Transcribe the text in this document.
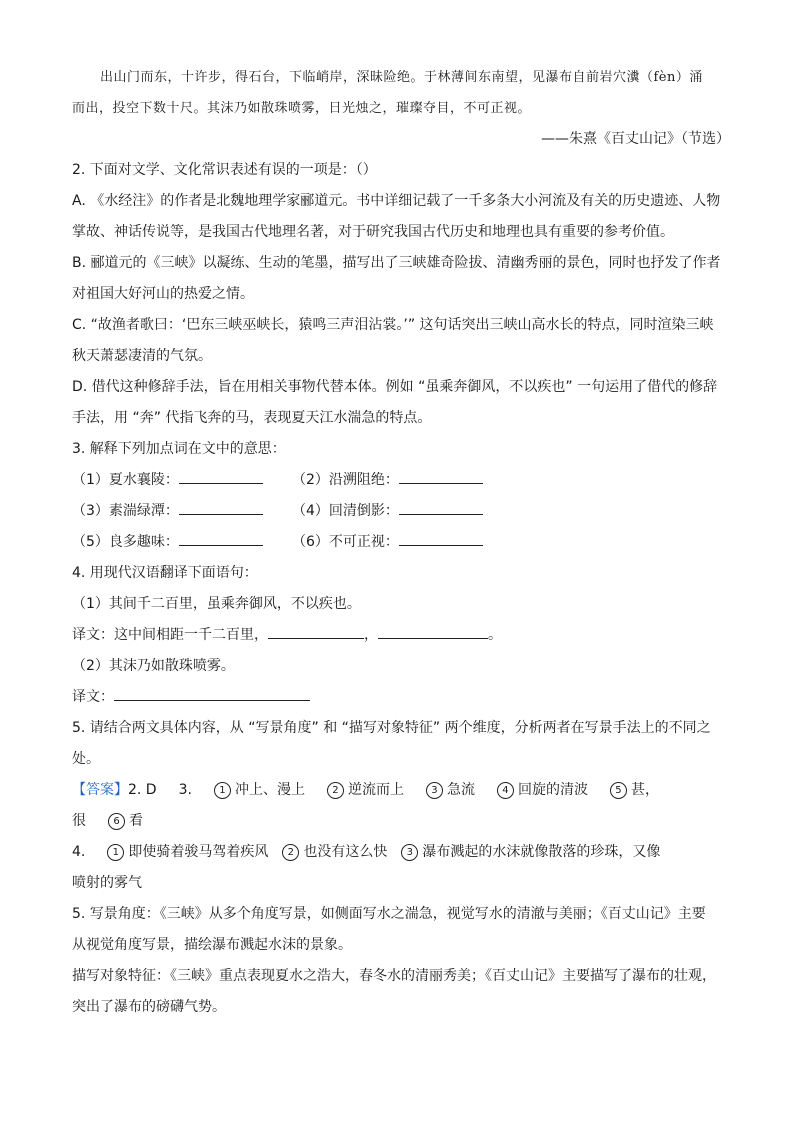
出山门而东，十许步，得石台，下临峭岸，深昧险绝。于林薄间东南望，见瀑布自前岩穴瀵（fèn）涌
而出，投空下数十尺。其沫乃如散珠喷雾，日光烛之，璀璨夺目，不可正视。
——朱熹《百丈山记》（节选）
2. 下面对文学、文化常识表述有误的一项是：（）
A. 《水经注》的作者是北魏地理学家郦道元。书中详细记载了一千多条大小河流及有关的历史遗迹、人物
掌故、神话传说等，是我国古代地理名著，对于研究我国古代历史和地理也具有重要的参考价值。
B. 郦道元的《三峡》以凝练、生动的笔墨，描写出了三峡雄奇险拔、清幽秀丽的景色，同时也抒发了作者
对祖国大好河山的热爱之情。
C. “故渔者歌曰：‘巴东三峡巫峡长，猿鸣三声泪沾裳。’” 这句话突出三峡山高水长的特点，同时渲染三峡
秋天萧瑟凄清的气氛。
D. 借代这种修辞手法，旨在用相关事物代替本体。例如 “虽乘奔御风，不以疾也” 一句运用了借代的修辞
手法，用 “奔” 代指飞奔的马，表现夏天江水湍急的特点。
3. 解释下列加点词在文中的意思：
（1）夏水襄陵：	（2）沿溯阻绝：
（3）素湍绿潭：	（4）回清倒影：
（5）良多趣味：	（6）不可正视：
4. 用现代汉语翻译下面语句：
（1）其间千二百里，虽乘奔御风，不以疾也。
译文：这中间相距一千二百里，	，	。
（2）其沫乃如散珠喷雾。
译文：
5. 请结合两文具体内容，从 “写景角度” 和 “描写对象特征” 两个维度，分析两者在写景手法上的不同之
处。
【答案】2. D 3.	1 冲上、漫上	2 逆流而上	3 急流	4 回旋的清波	5 甚，
很	6 看
4.	1 即使骑着骏马驾着疾风 2 也没有这么快 3 瀑布溅起的水沫就像散落的珍珠，又像
喷射的雾气
5. 写景角度：《三峡》从多个角度写景，如侧面写水之湍急，视觉写水的清澈与美丽；《百丈山记》主要
从视觉角度写景，描绘瀑布溅起水沫的景象。
描写对象特征：《三峡》重点表现夏水之浩大，春冬水的清丽秀美；《百丈山记》主要描写了瀑布的壮观，
突出了瀑布的磅礴气势。
